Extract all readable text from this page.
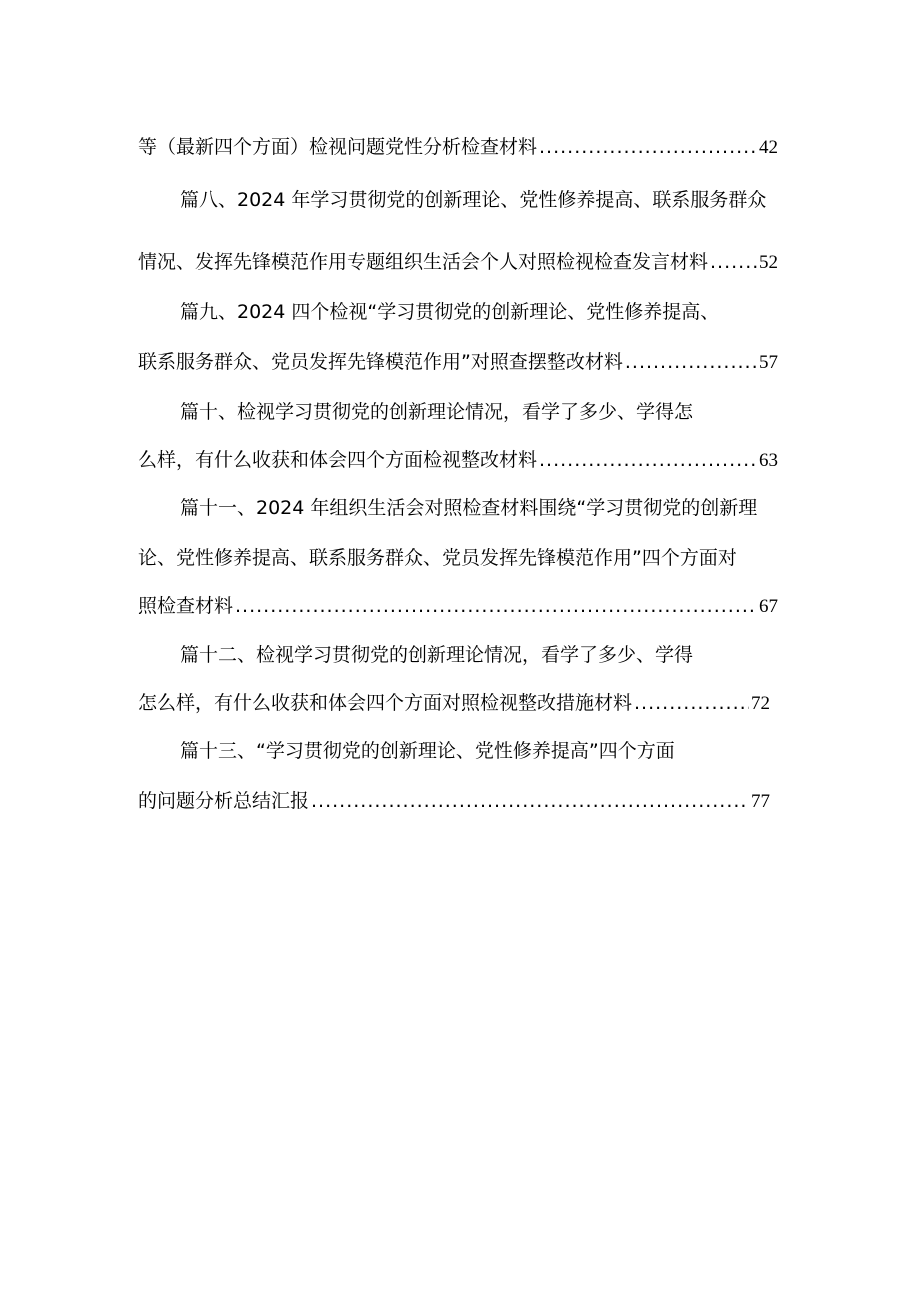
等（最新四个方面）检视问题党性分析检查材料 .....	42
篇八、2024 年学习贯彻党的创新理论、党性修养提高、联系服务群众
情况、发挥先锋模范作用专题组织生活会个人对照检视检查发言材料 .....	52
篇九、2024 四个检视“学习贯彻党的创新理论、党性修养提高、
联系服务群众、党员发挥先锋模范作用”对照查摆整改材料 .....	57
篇十、检视学习贯彻党的创新理论情况，看学了多少、学得怎
么样，有什么收获和体会四个方面检视整改材料 .....	63
篇十一、2024 年组织生活会对照检查材料围绕“学习贯彻党的创新理
论、党性修养提高、联系服务群众、党员发挥先锋模范作用”四个方面对
照检查材料 .....	67
篇十二、检视学习贯彻党的创新理论情况，看学了多少、学得
怎么样，有什么收获和体会四个方面对照检视整改措施材料 .....	72
篇十三、“学习贯彻党的创新理论、党性修养提高”四个方面
的问题分析总结汇报 .....	77
